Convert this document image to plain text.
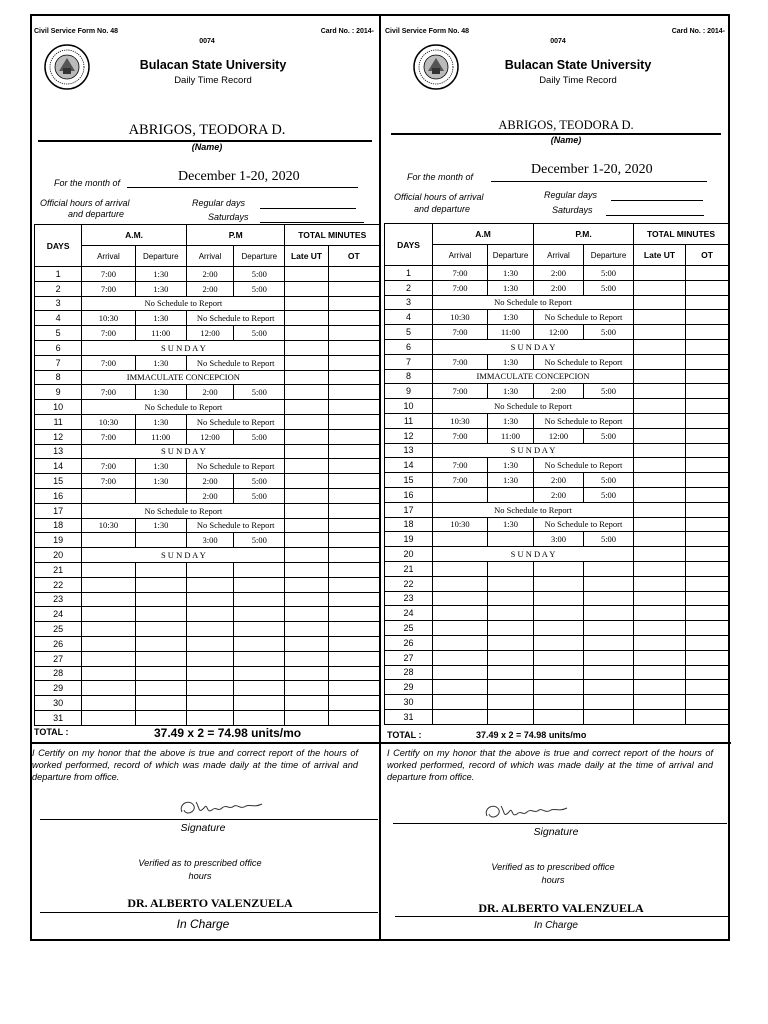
Civil Service Form No. 48	Card No. : 2014-
0074
Bulacan State University
Daily Time Record
ABRIGOS, TEODORA D.
(Name)
For the month of	December 1-20, 2020
Official hours of arrival
and departure
Regular days
Saturdays
DAYS	A.M.		P.M		TOTAL MINUTES	
	Arrival	Departure	Arrival	Departure	Late UT	OT
1	7:00	1:30	2:00	5:00		
2	7:00	1:30	2:00	5:00		
3	No Schedule to Report					
4	10:30	1:30	No Schedule to Report			
5	7:00	11:00	12:00	5:00		
6	S U N D A Y					
7	7:00	1:30	No Schedule to Report			
8	IMMACULATE CONCEPCION					
9	7:00	1:30	2:00	5:00		
10	No Schedule to Report					
11	10:30	1:30	No Schedule to Report			
12	7:00	11:00	12:00	5:00		
13	S U N D A Y					
14	7:00	1:30	No Schedule to Report			
15	7:00	1:30	2:00	5:00		
16			2:00	5:00		
17	No Schedule to Report					
18	10:30	1:30	No Schedule to Report			
19			3:00	5:00		
20	S U N D A Y					
21						
22						
23						
24						
25						
26						
27						
28						
29						
30						
31						
TOTAL :	37.49 x 2 = 74.98 units/mo
I Certify on my honor that the above is true and correct report of the hours of worked performed, record of which was made daily at the time of arrival and departure from office.
Signature
Verified as to prescribed office
hours
DR. ALBERTO VALENZUELA
In Charge
Civil Service Form No. 48	Card No. : 2014-
0074
Bulacan State University
Daily Time Record
ABRIGOS, TEODORA D.
(Name)
For the month of	December 1-20, 2020
Official hours of arrival
and departure
Regular days
Saturdays
DAYS	A.M		P.M.		TOTAL MINUTES	
	Arrival	Departure	Arrival	Departure	Late UT	OT
1	7:00	1:30	2:00	5:00		
2	7:00	1:30	2:00	5:00		
3	No Schedule to Report					
4	10:30	1:30	No Schedule to Report			
5	7:00	11:00	12:00	5:00		
6	S U N D A Y					
7	7:00	1:30	No Schedule to Report			
8	IMMACULATE CONCEPCION					
9	7:00	1:30	2:00	5:00		
10	No Schedule to Report					
11	10:30	1:30	No Schedule to Report			
12	7:00	11:00	12:00	5:00		
13	S U N D A Y					
14	7:00	1:30	No Schedule to Report			
15	7:00	1:30	2:00	5:00		
16			2:00	5:00		
17	No Schedule to Report					
18	10:30	1:30	No Schedule to Report			
19			3:00	5:00		
20	S U N D A Y					
21						
22						
23						
24						
25						
26						
27						
28						
29						
30						
31						
TOTAL :	37.49 x 2 = 74.98 units/mo
I Certify on my honor that the above is true and correct report of the hours of worked performed, record of which was made daily at the time of arrival and departure from office.
Signature
Verified as to prescribed office
hours
DR. ALBERTO VALENZUELA
In Charge
